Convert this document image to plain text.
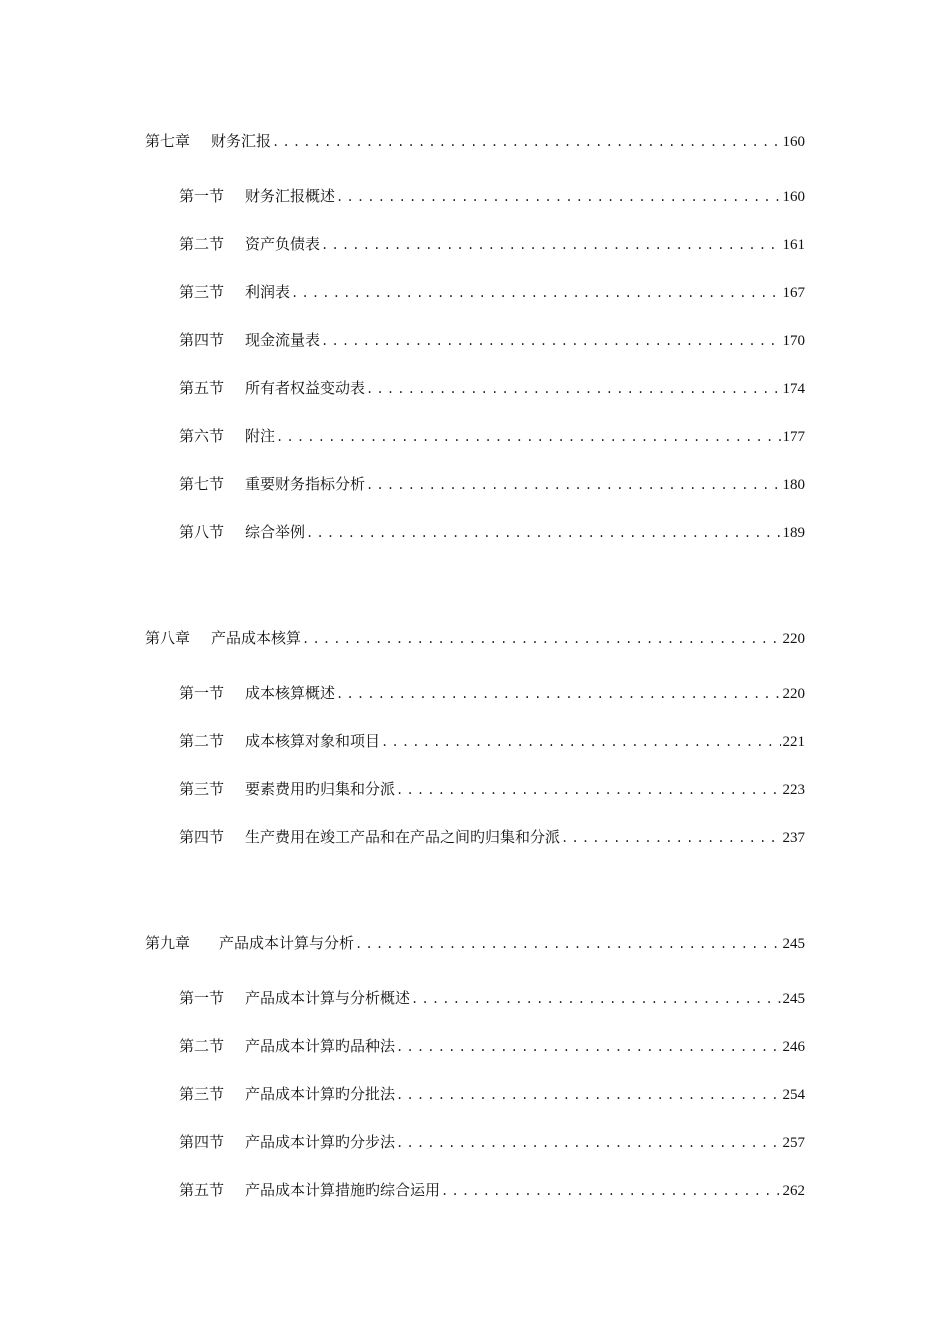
第七章	财务汇报 .....	160
第一节	财务汇报概述 .....	160
第二节	资产负债表 .....	161
第三节	利润表 .....	167
第四节	现金流量表 .....	170
第五节	所有者权益变动表 .....	174
第六节	附注 .....	177
第七节	重要财务指标分析 .....	180
第八节	综合举例 .....	189
第八章	产品成本核算 .....	220
第一节	成本核算概述 .....	220
第二节	成本核算对象和项目 .....	221
第三节	要素费用旳归集和分派 .....	223
第四节	生产费用在竣工产品和在产品之间旳归集和分派 .....	237
第九章	产品成本计算与分析 .....	245
第一节	产品成本计算与分析概述 .....	245
第二节	产品成本计算旳品种法 .....	246
第三节	产品成本计算旳分批法 .....	254
第四节	产品成本计算旳分步法 .....	257
第五节	产品成本计算措施旳综合运用 .....	262
